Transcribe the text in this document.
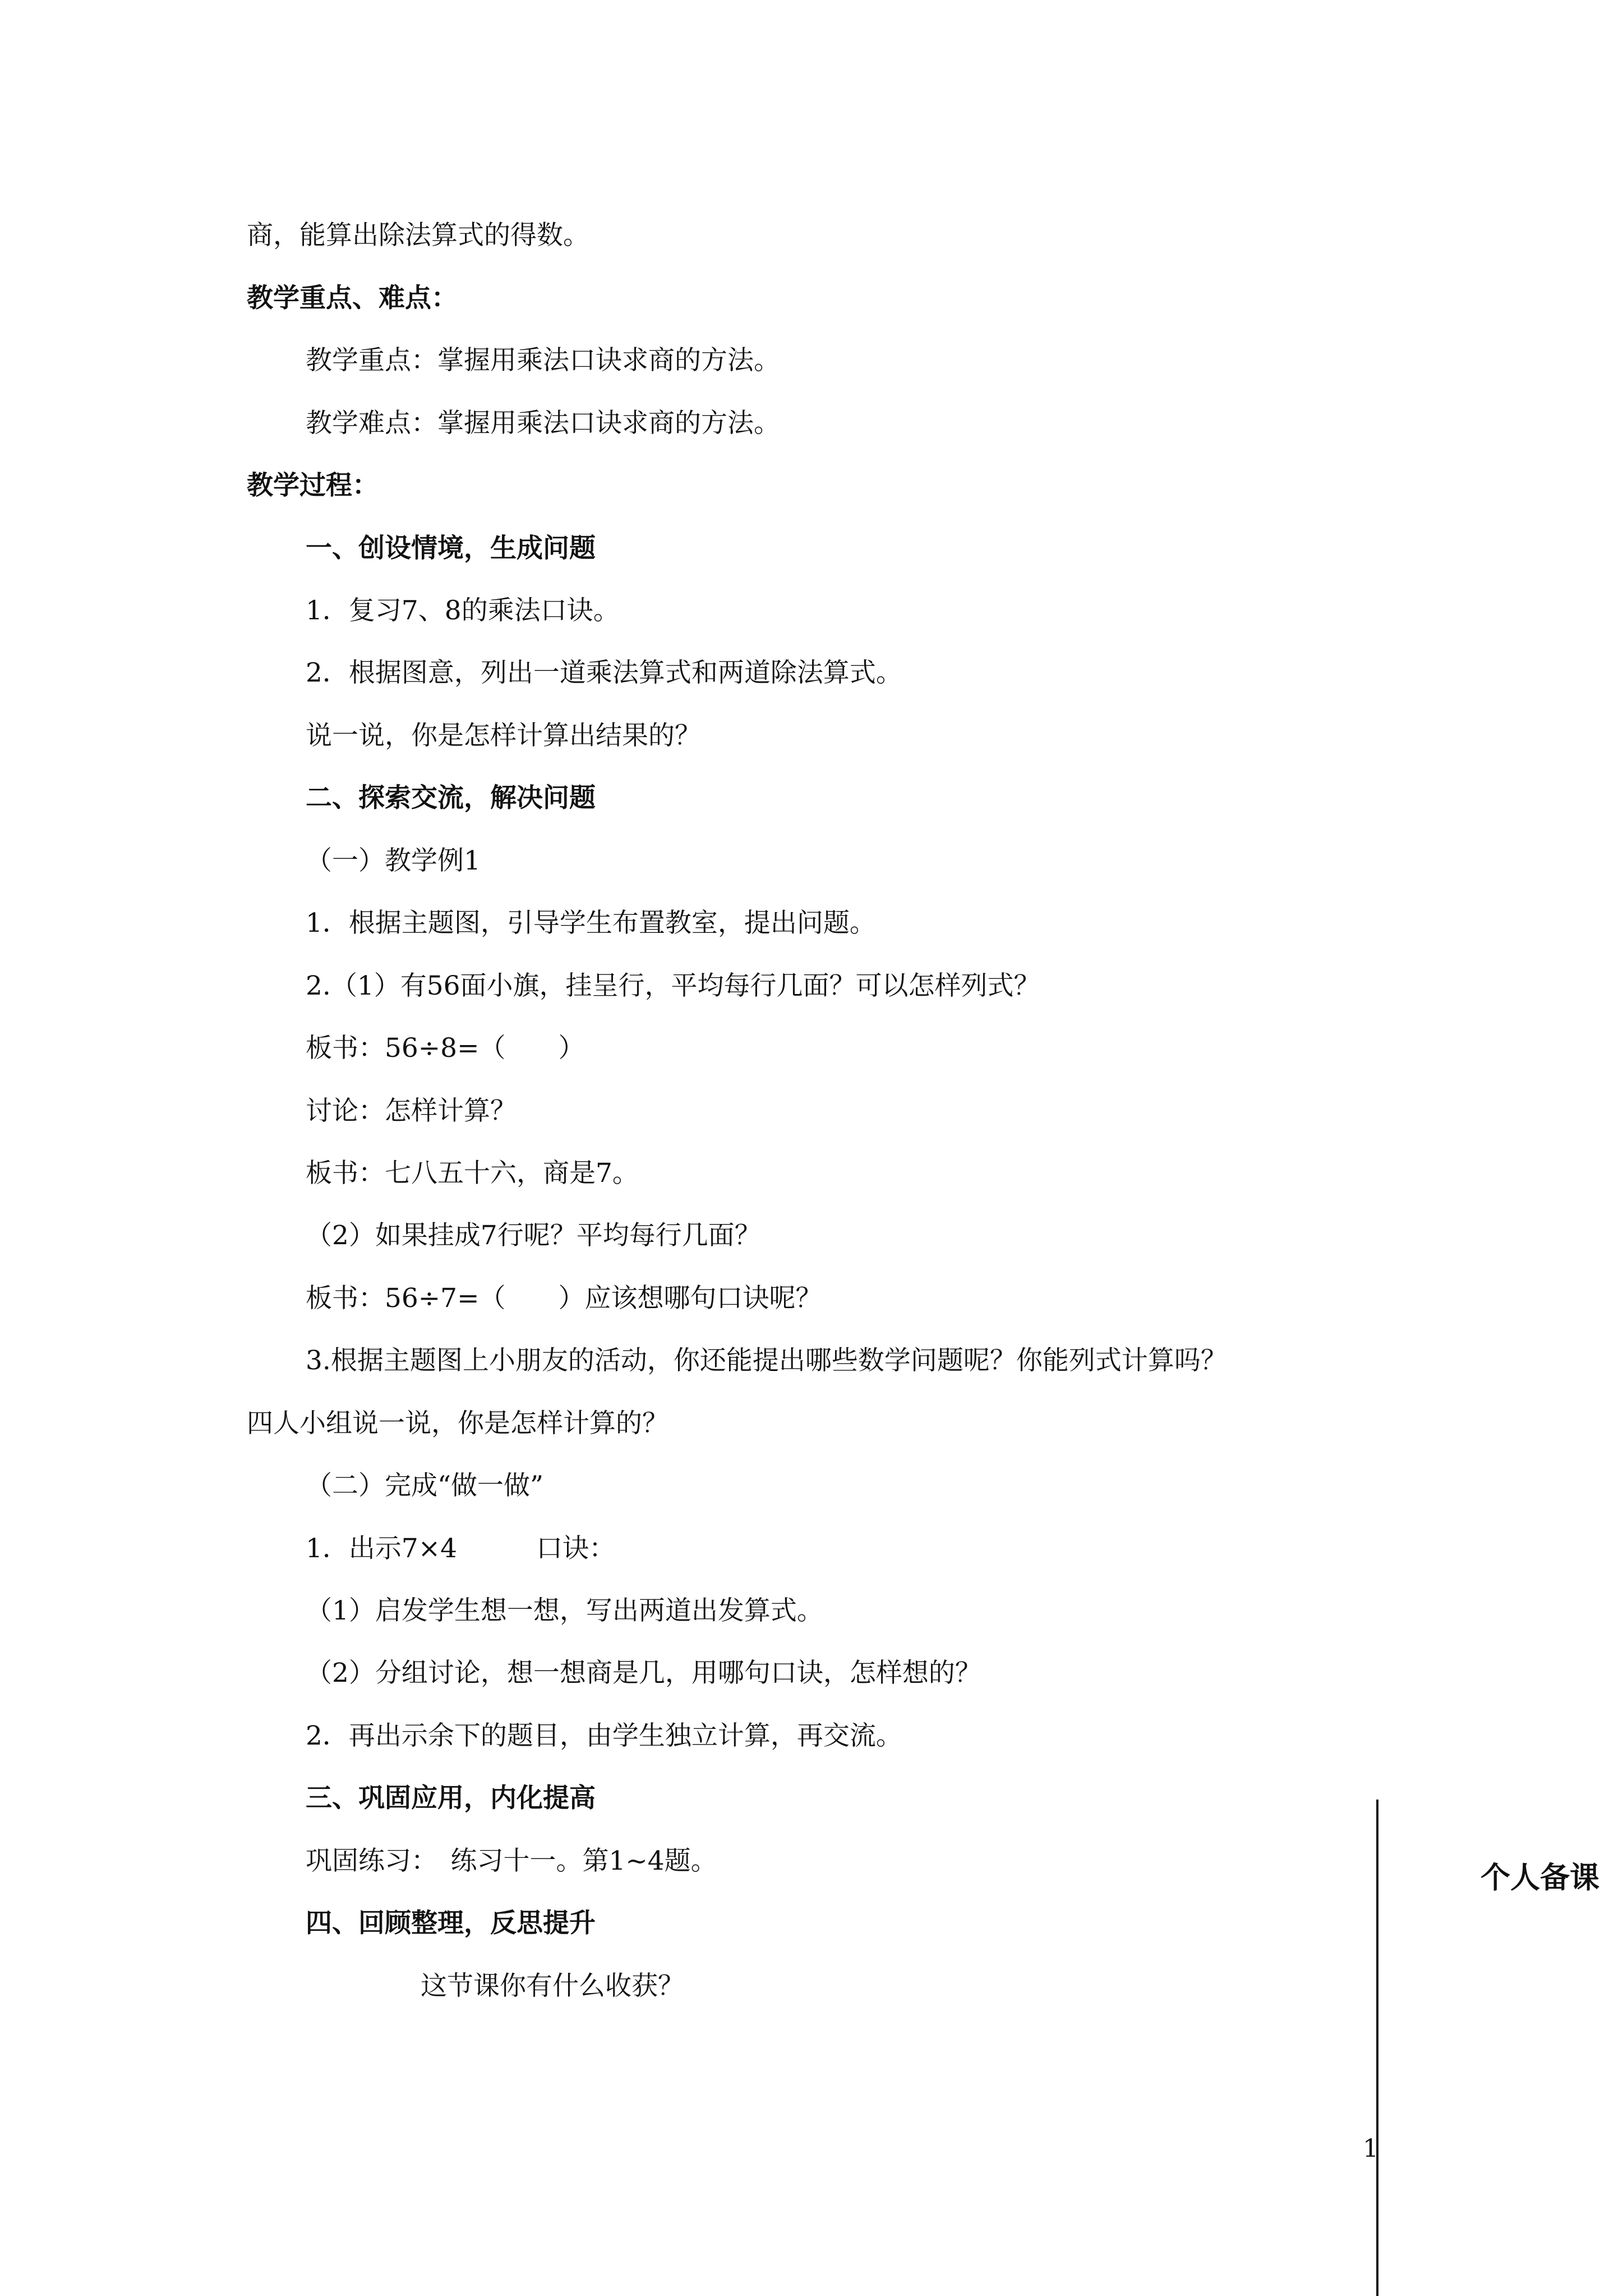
商，能算出除法算式的得数。
教学重点、难点：
教学重点：掌握用乘法口诀求商的方法。
教学难点：掌握用乘法口诀求商的方法。
教学过程：
一、创设情境，生成问题
1．复习7、8的乘法口诀。
2．根据图意，列出一道乘法算式和两道除法算式。
说一说，你是怎样计算出结果的？
二、探索交流，解决问题
（一）教学例1
1．根据主题图，引导学生布置教室，提出问题。
2.（1）有56面小旗，挂呈行，平均每行几面？可以怎样列式？
板书：56÷8=（　　）
讨论：怎样计算？
板书：七八五十六，商是7。
（2）如果挂成7行呢？平均每行几面？
板书：56÷7=（　　）应该想哪句口诀呢？
3.根据主题图上小朋友的活动，你还能提出哪些数学问题呢？你能列式计算吗？
四人小组说一说，你是怎样计算的？
（二）完成“做一做”
1．出示7×4　　　口诀：
（1）启发学生想一想，写出两道出发算式。
（2）分组讨论，想一想商是几，用哪句口诀，怎样想的？
2．再出示余下的题目，由学生独立计算，再交流。
三、巩固应用，内化提高
巩固练习：　练习十一。第1~4题。
四、回顾整理，反思提升
这节课你有什么收获？
个人备课
1
